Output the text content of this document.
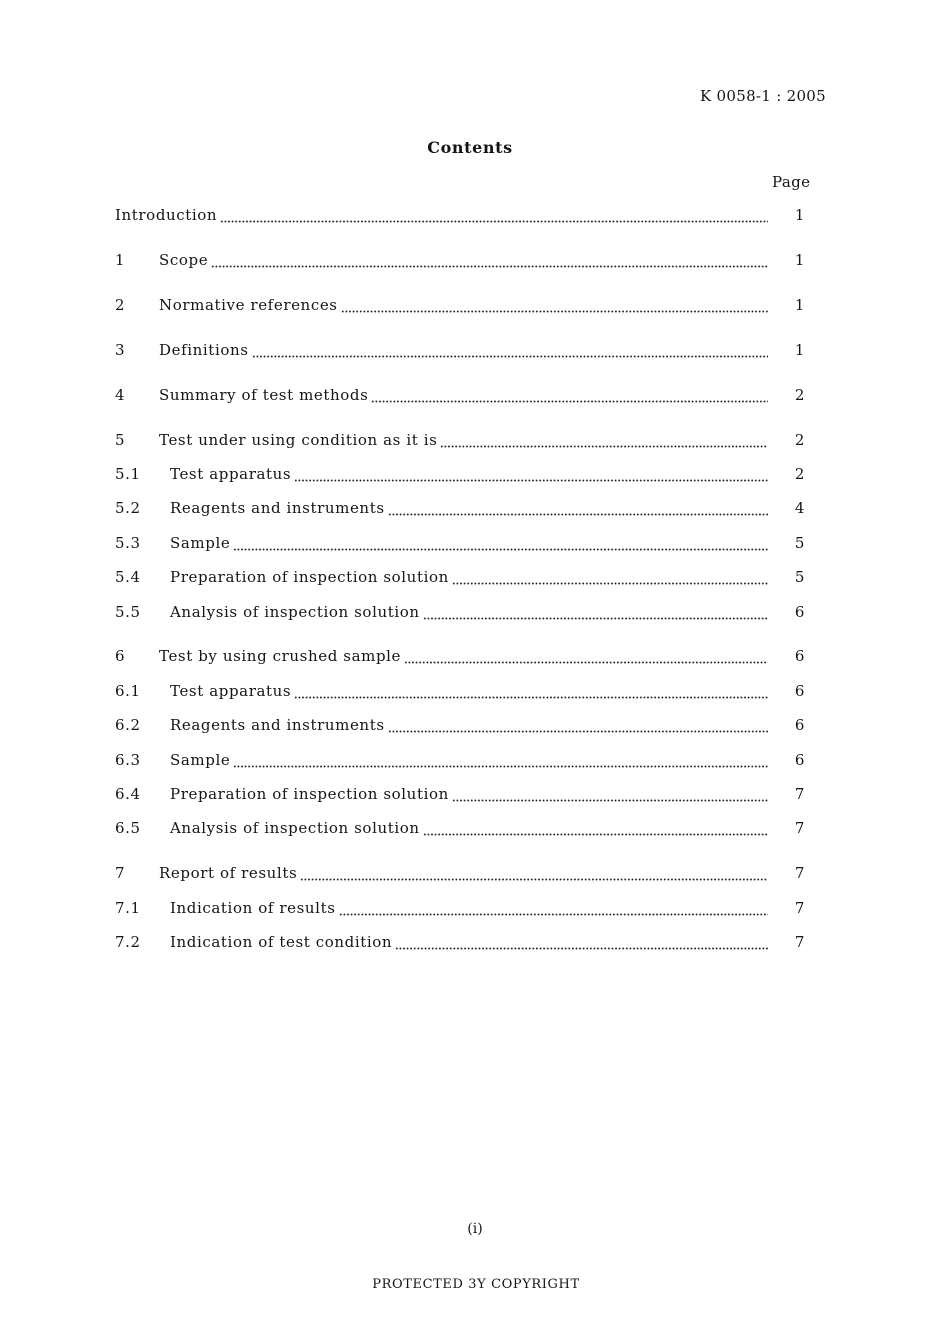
K 0058-1 : 2005
Contents
Page
Introduction	1
1	Scope	1
2	Normative references	1
3	Definitions	1
4	Summary of test methods	2
5	Test under using condition as it is	2
5.1	Test apparatus	2
5.2	Reagents and instruments	4
5.3	Sample	5
5.4	Preparation of inspection solution	5
5.5	Analysis of inspection solution	6
6	Test by using crushed sample	6
6.1	Test apparatus	6
6.2	Reagents and instruments	6
6.3	Sample	6
6.4	Preparation of inspection solution	7
6.5	Analysis of inspection solution	7
7	Report of results	7
7.1	Indication of results	7
7.2	Indication of test condition	7
(i)
PROTECTED 3Y COPYRIGHT
